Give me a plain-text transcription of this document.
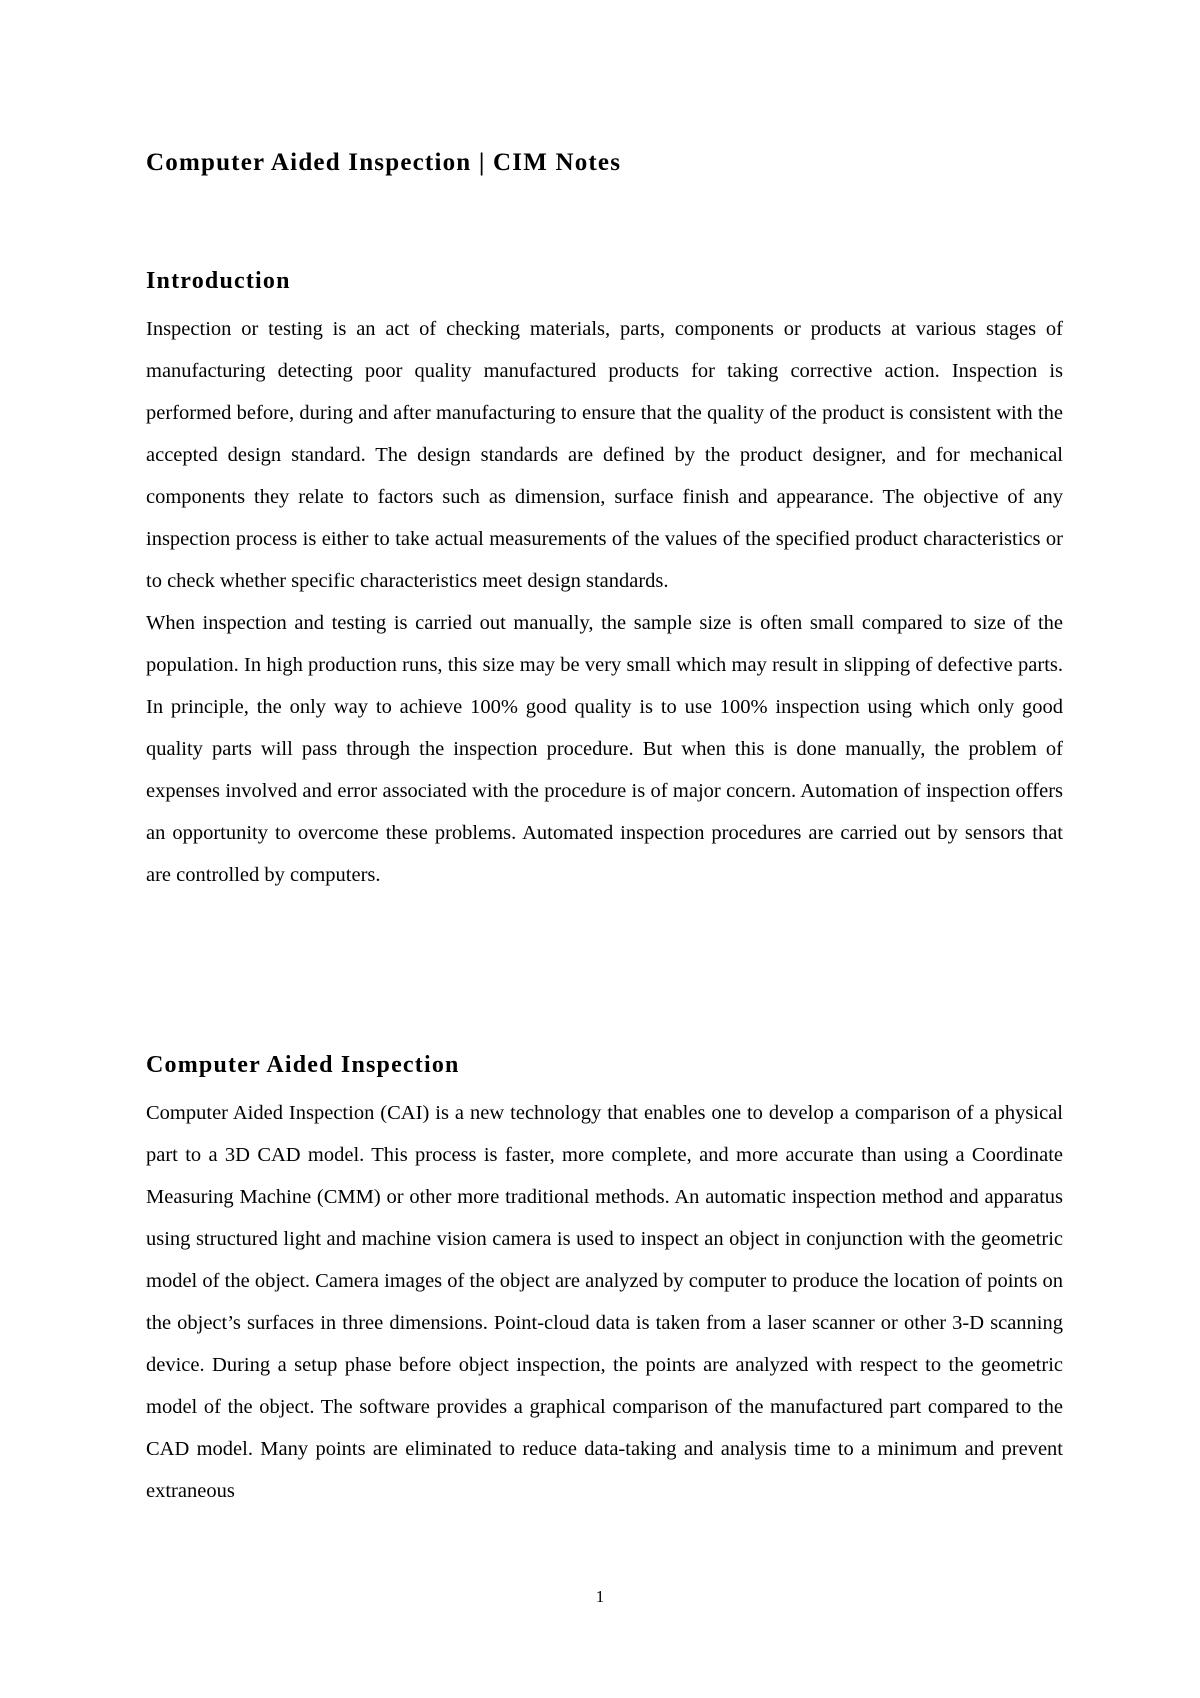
Computer Aided Inspection | CIM Notes
Introduction

Inspection or testing is an act of checking materials, parts, components or products at various stages of manufacturing detecting poor quality manufactured products for taking corrective action. Inspection is performed before, during and after manufacturing to ensure that the quality of the product is consistent with the accepted design standard. The design standards are defined by the product designer, and for mechanical components they relate to factors such as dimension, surface finish and appearance. The objective of any inspection process is either to take actual measurements of the values of the specified product characteristics or to check whether specific characteristics meet design standards.

When inspection and testing is carried out manually, the sample size is often small compared to size of the population. In high production runs, this size may be very small which may result in slipping of defective parts. In principle, the only way to achieve 100% good quality is to use 100% inspection using which only good quality parts will pass through the inspection procedure. But when this is done manually, the problem of expenses involved and error associated with the procedure is of major concern. Automation of inspection offers an opportunity to overcome these problems. Automated inspection procedures are carried out by sensors that are controlled by computers.

Computer Aided Inspection

Computer Aided Inspection (CAI) is a new technology that enables one to develop a comparison of a physical part to a 3D CAD model. This process is faster, more complete, and more accurate than using a Coordinate Measuring Machine (CMM) or other more traditional methods. An automatic inspection method and apparatus using structured light and machine vision camera is used to inspect an object in conjunction with the geometric model of the object. Camera images of the object are analyzed by computer to produce the location of points on the object’s surfaces in three dimensions. Point-cloud data is taken from a laser scanner or other 3-D scanning device. During a setup phase before object inspection, the points are analyzed with respect to the geometric model of the object. The software provides a graphical comparison of the manufactured part compared to the CAD model. Many points are eliminated to reduce data-taking and analysis time to a minimum and prevent extraneous

1
